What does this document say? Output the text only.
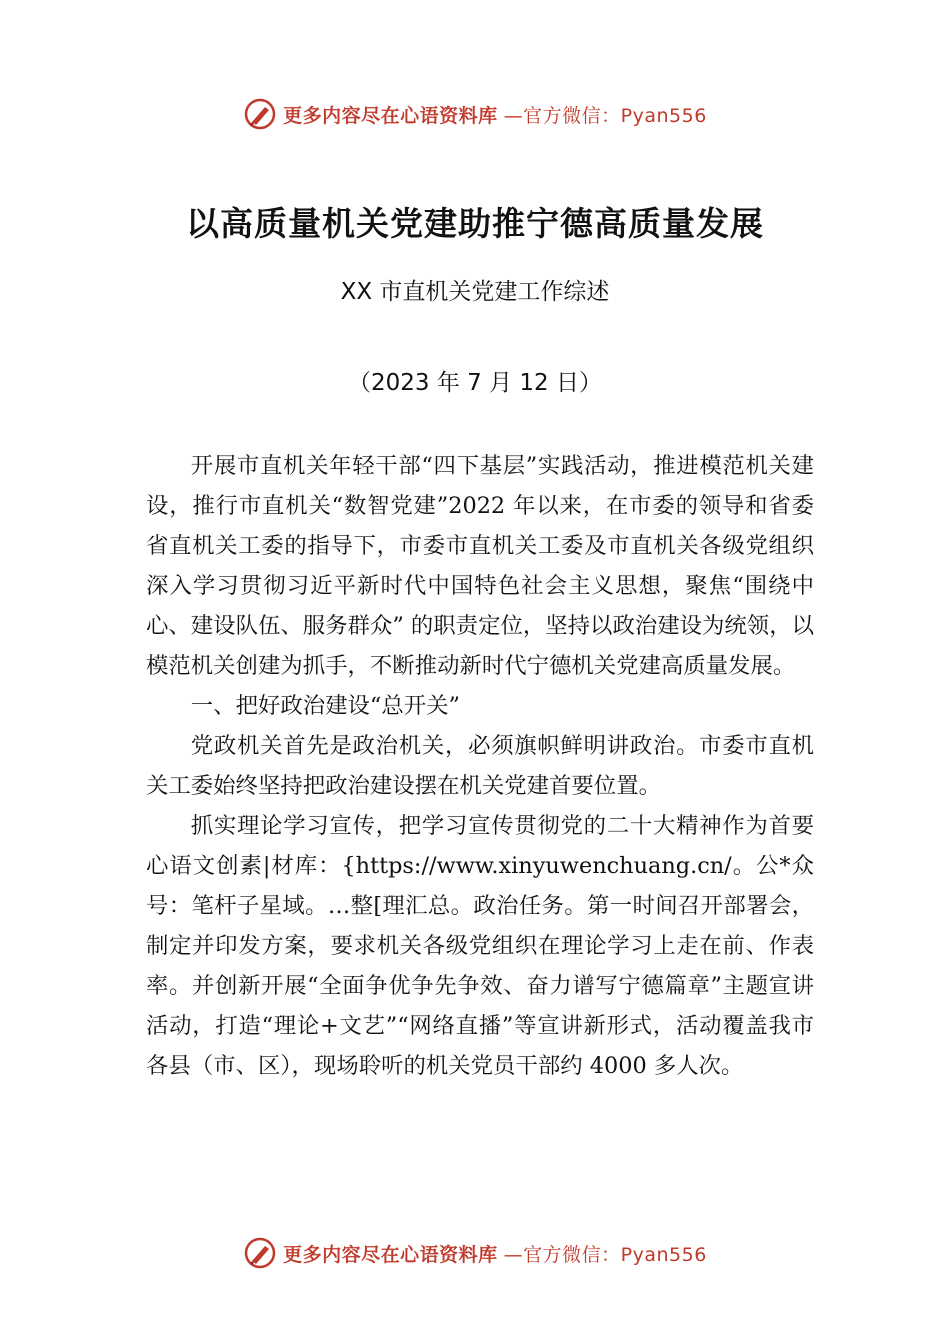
更多内容尽在心语资料库 —官方微信：Pyan556
以高质量机关党建助推宁德高质量发展

XX 市直机关党建工作综述

（2023 年 7 月 12 日）

开展市直机关年轻干部“四下基层”实践活动，推进模范机关建设，推行市直机关“数智党建”2022 年以来，在市委的领导和省委省直机关工委的指导下，市委市直机关工委及市直机关各级党组织深入学习贯彻习近平新时代中国特色社会主义思想，聚焦“围绕中心、建设队伍、服务群众” 的职责定位，坚持以政治建设为统领，以模范机关创建为抓手，不断推动新时代宁德机关党建高质量发展。

一、把好政治建设“总开关”

党政机关首先是政治机关，必须旗帜鲜明讲政治。市委市直机关工委始终坚持把政治建设摆在机关党建首要位置。

抓实理论学习宣传，把学习宣传贯彻党的二十大精神作为首要心语文创素|材库：{https://www.xinyuwenchuang.cn/。公*众号：笔杆子星域。…整[理汇总。政治任务。第一时间召开部署会，制定并印发方案，要求机关各级党组织在理论学习上走在前、作表率。并创新开展“全面争优争先争效、奋力谱写宁德篇章”主题宣讲活动，打造“理论+文艺”“网络直播”等宣讲新形式，活动覆盖我市各县（市、区），现场聆听的机关党员干部约 4000 多人次。

更多内容尽在心语资料库 —官方微信：Pyan556
